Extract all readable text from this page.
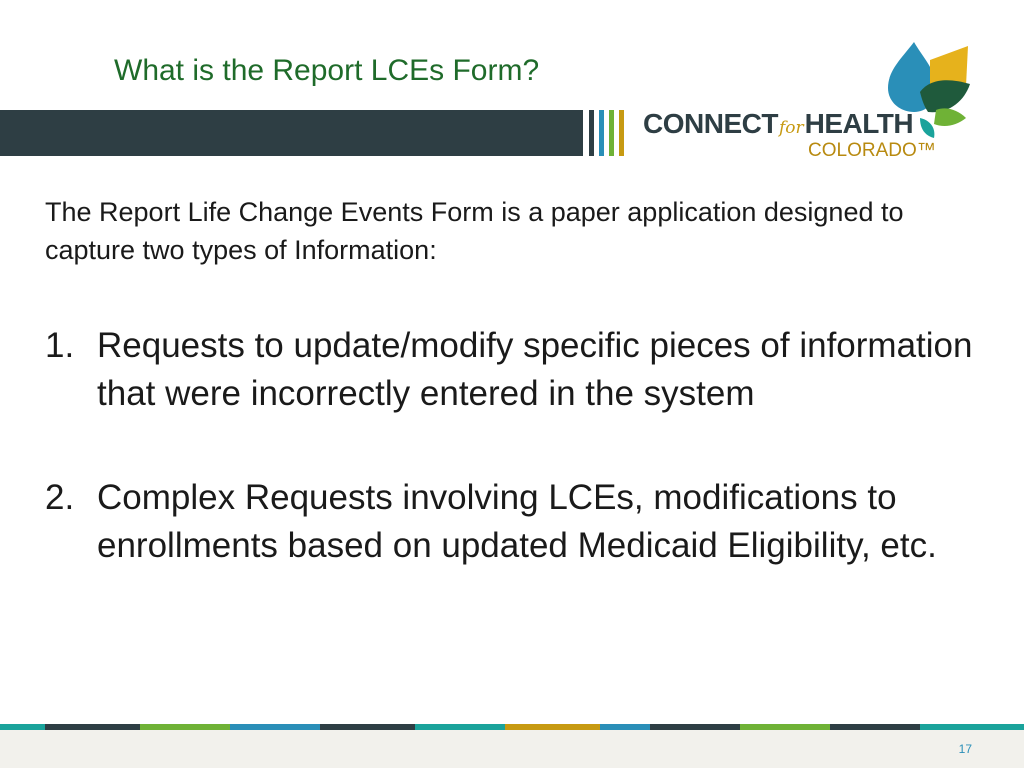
What is the Report LCEs Form?
CONNECTforHEALTH
COLORADO™
The Report Life Change Events Form is a paper application designed to capture two types of Information:
1. Requests to update/modify specific pieces of information that were incorrectly entered in the system
2. Complex Requests involving LCEs, modifications to enrollments based on updated Medicaid Eligibility, etc.
17
